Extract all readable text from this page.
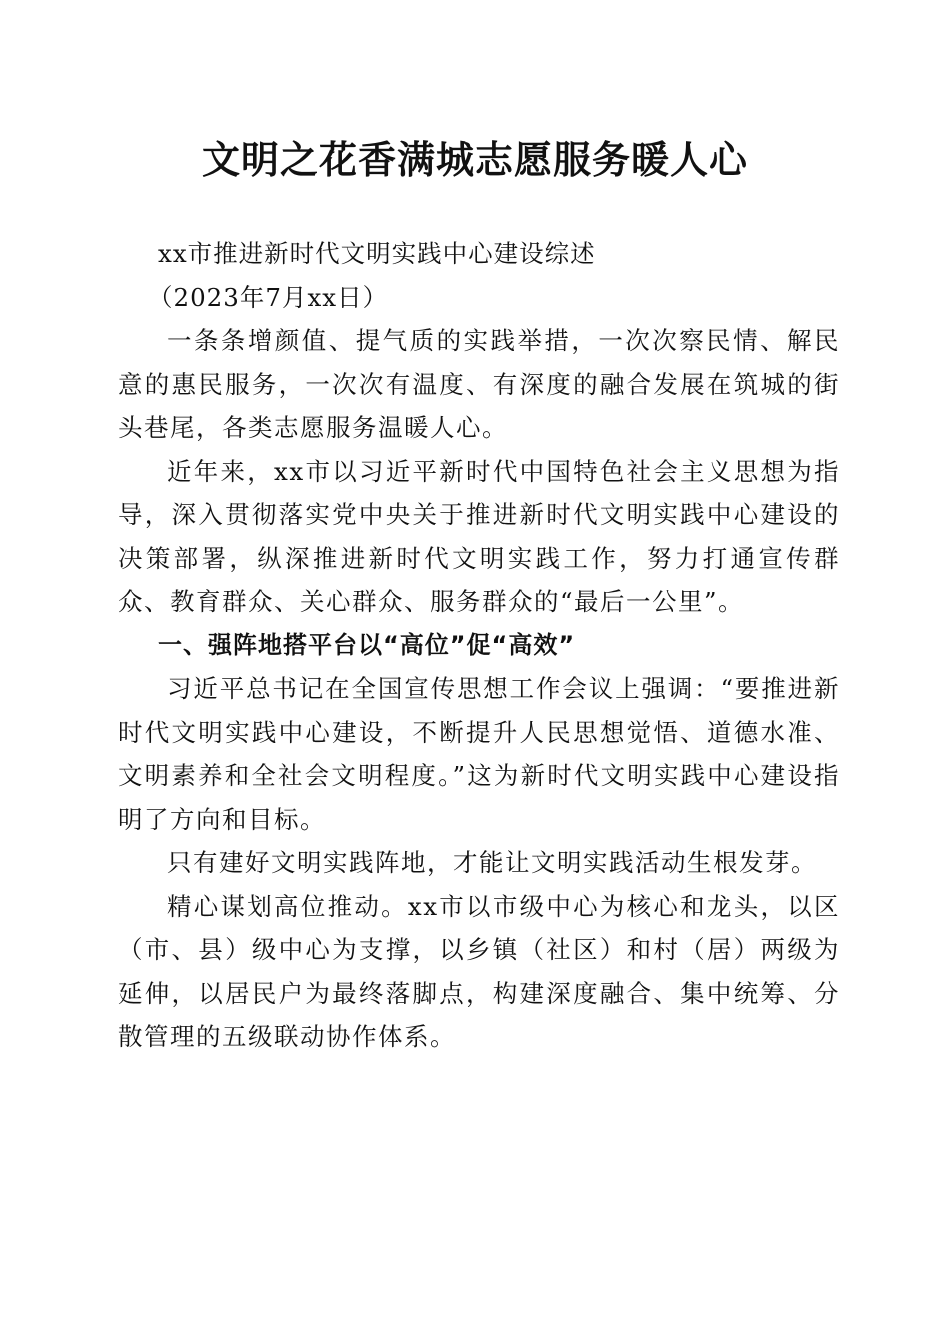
文明之花香满城志愿服务暖人心

xx市推进新时代文明实践中心建设综述

（2023年7月xx日）

一条条增颜值、提气质的实践举措，一次次察民情、解民意的惠民服务，一次次有温度、有深度的融合发展在筑城的街头巷尾，各类志愿服务温暖人心。

近年来，xx市以习近平新时代中国特色社会主义思想为指导，深入贯彻落实党中央关于推进新时代文明实践中心建设的决策部署，纵深推进新时代文明实践工作，努力打通宣传群众、教育群众、关心群众、服务群众的“最后一公里”。

一、强阵地搭平台以“高位”促“高效”

习近平总书记在全国宣传思想工作会议上强调：“要推进新时代文明实践中心建设，不断提升人民思想觉悟、道德水准、文明素养和全社会文明程度。”这为新时代文明实践中心建设指明了方向和目标。

只有建好文明实践阵地，才能让文明实践活动生根发芽。

精心谋划高位推动。xx市以市级中心为核心和龙头，以区（市、县）级中心为支撑，以乡镇（社区）和村（居）两级为延伸，以居民户为最终落脚点，构建深度融合、集中统筹、分散管理的五级联动协作体系。
